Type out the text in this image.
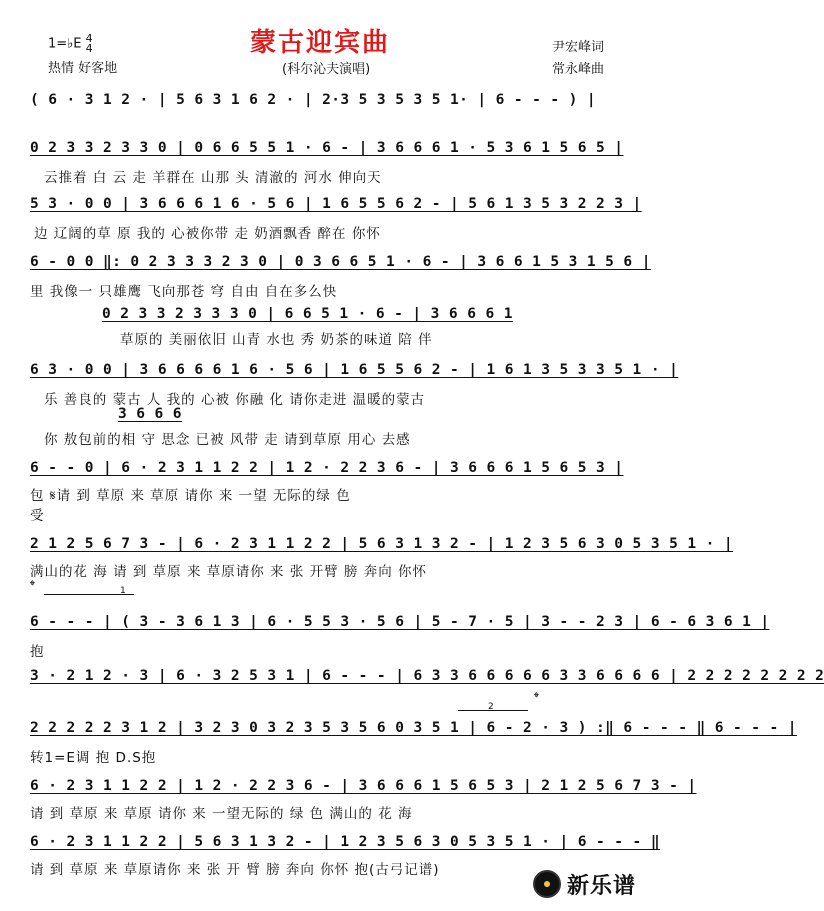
1=♭E 4
4
热情 好客地
蒙古迎宾曲
(科尔沁夫演唱)
尹宏峰词
常永峰曲
( 6 · 3 1 2 · | 5 6 3 1 6 2 · | 2·3 5 3 5 3 5 1· | 6 - - - ) |
0 2 3 3 2 3 3 0 | 0 6 6 5 5 1 · 6 - | 3 6 6 6 1 · 5 3 6 1 5 6 5 |
云推着 白 云 走 羊群在 山那 头 清澈的 河水 伸向天
5 3 · 0 0 | 3 6 6 6 1 6 · 5 6 | 1 6 5 5 6 2 - | 5 6 1 3 5 3 2 2 3 |
边 辽阔的草 原 我的 心被你带 走 奶酒飘香 醉在 你怀
6 - 0 0 ‖: 0 2 3 3 3 2 3 0 | 0 3 6 6 5 1 · 6 - | 3 6 6 1 5 3 1 5 6 |
里 我像一 只雄鹰 飞向那苍 穹 自由 自在多么快
0 2 3 3 2 3 3 3 0 | 6 6 5 1 · 6 - | 3 6 6 6 1
草原的 美丽依旧 山青 水也 秀 奶茶的味道 陪 伴
6 3 · 0 0 | 3 6 6 6 6 1 6 · 5 6 | 1 6 5 5 6 2 - | 1 6 1 3 5 3 3 5 1 · |
乐 善良的 蒙古 人 我的 心被 你融 化 请你走进 温暖的蒙古
3 6 6 6
你 敖包前的相 守 思念 已被 风带 走 请到草原 用心 去感
6 - - 0 | 6 · 2 3 1 1 2 2 | 1 2 · 2 2 3 6 - | 3 6 6 6 1 5 6 5 3 |
包 𝄋请 到 草原 来 草原 请你 来 一望 无际的绿 色
受
2 1 2 5 6 7 3 - | 6 · 2 3 1 1 2 2 | 5 6 3 1 3 2 - | 1 2 3 5 6 3 0 5 3 5 1 · |
满山的花 海 请 到 草原 来 草原请你 来 张 开臂 膀 奔向 你怀
𝄌	1
6 - - - | ( 3 - 3 6 1 3 | 6 · 5 5 3 · 5 6 | 5 - 7 · 5 | 3 - - 2 3 | 6 - 6 3 6 1 |
抱
3 · 2 1 2 · 3 | 6 · 3 2 5 3 1 | 6 - - - | 6 3 3 6 6 6 6 6 3 3 6 6 6 6 | 2 2 2 2 2 2 2 2
𝄌
2
2 2 2 2 2 3 1 2 | 3 2 3 0 3 2 3 5 3 5 6 0 3 5 1 | 6 - 2 · 3 ) :‖ 6 - - - ‖ 6 - - - |
转1=E调 抱 D.S抱
6 · 2 3 1 1 2 2 | 1 2 · 2 2 3 6 - | 3 6 6 6 1 5 6 5 3 | 2 1 2 5 6 7 3 - |
请 到 草原 来 草原 请你 来 一望无际的 绿 色 满山的 花 海
6 · 2 3 1 1 2 2 | 5 6 3 1 3 2 - | 1 2 3 5 6 3 0 5 3 5 1 · | 6 - - - ‖
请 到 草原 来 草原请你 来 张 开 臂 膀 奔向 你怀 抱(古弓记谱)
新乐谱
